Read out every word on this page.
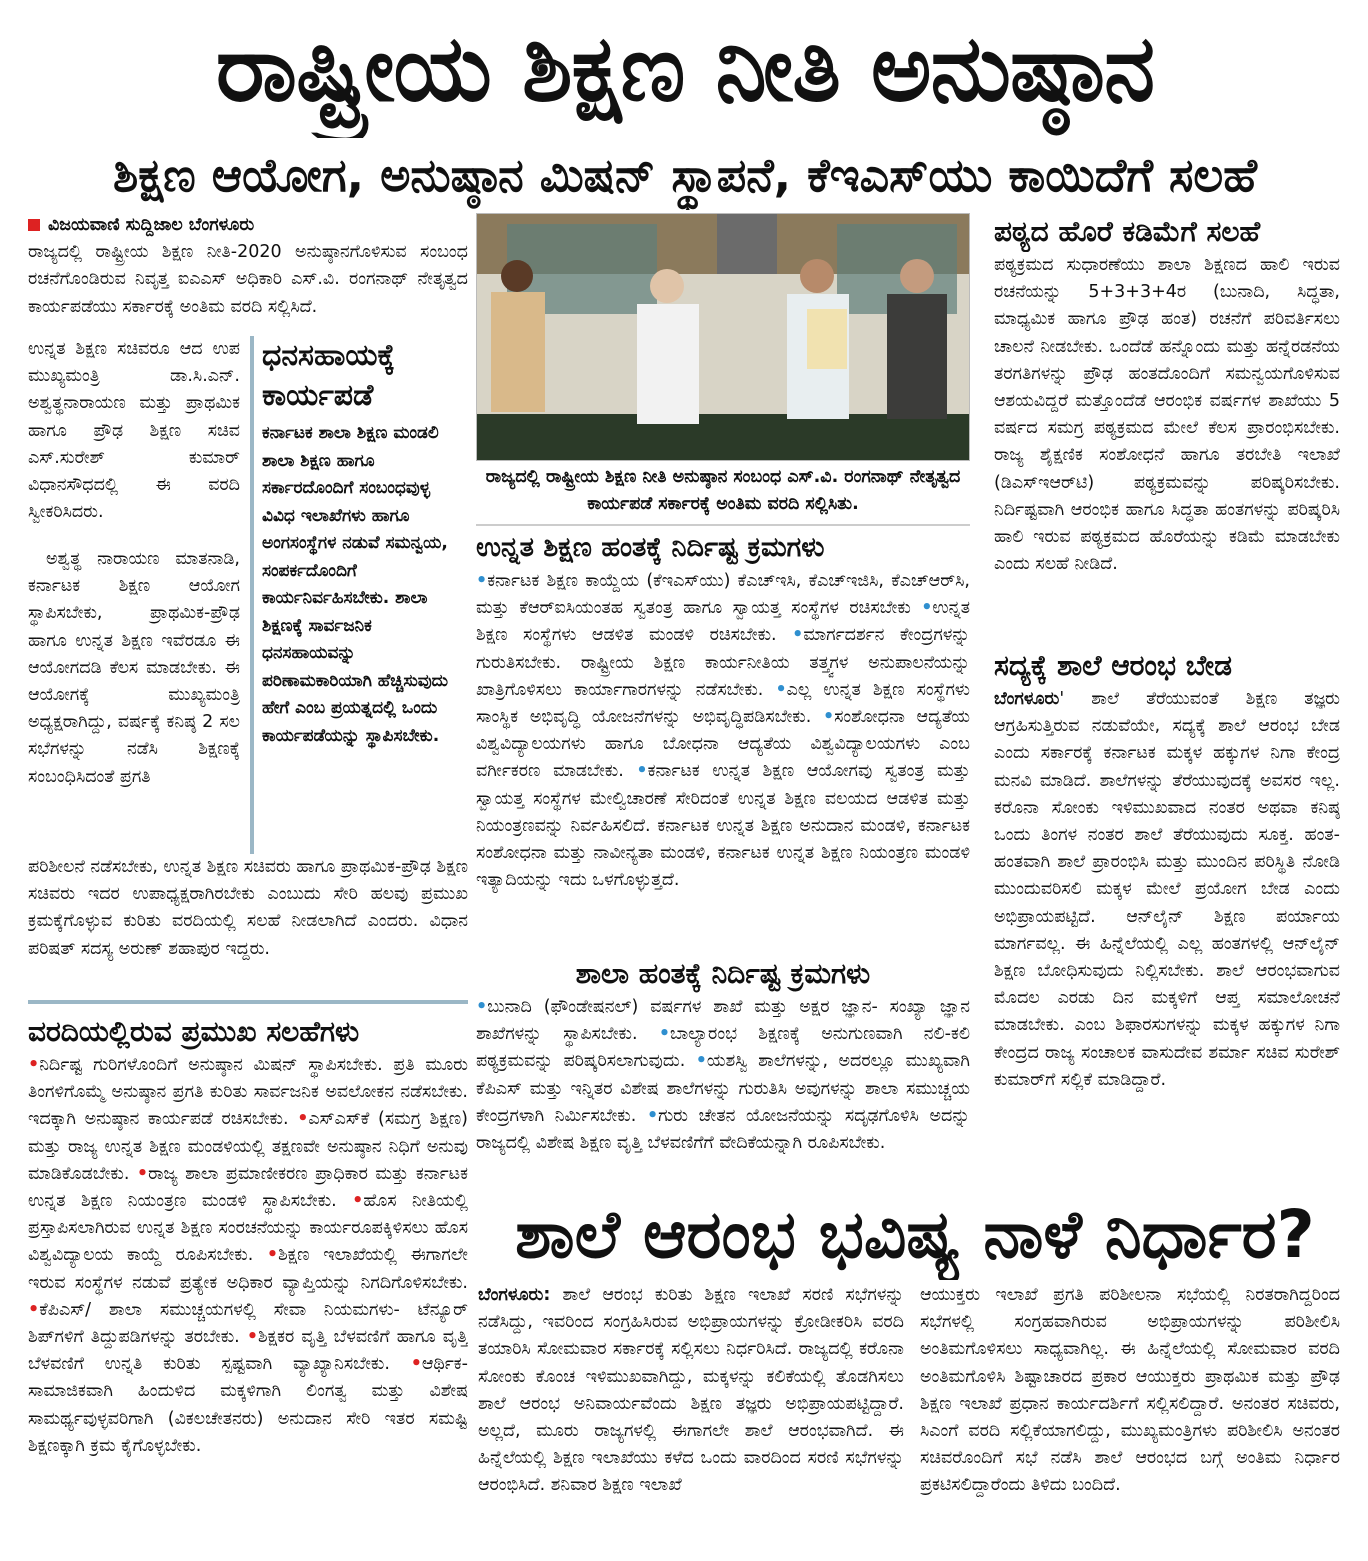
ರಾಷ್ಟ್ರೀಯ ಶಿಕ್ಷಣ ನೀತಿ ಅನುಷ್ಠಾನ
ಶಿಕ್ಷಣ ಆಯೋಗ, ಅನುಷ್ಠಾನ ಮಿಷನ್ ಸ್ಥಾಪನೆ, ಕೆಇಎಸ್‌ಯು ಕಾಯಿದೆಗೆ ಸಲಹೆ
ವಿಜಯವಾಣಿ ಸುದ್ದಿಜಾಲ ಬೆಂಗಳೂರು
ರಾಜ್ಯದಲ್ಲಿ ರಾಷ್ಟ್ರೀಯ ಶಿಕ್ಷಣ ನೀತಿ-2020 ಅನುಷ್ಠಾನಗೊಳಿಸುವ ಸಂಬಂಧ ರಚನೆಗೊಂಡಿರುವ ನಿವೃತ್ತ ಐಎಎಸ್ ಅಧಿಕಾರಿ ಎಸ್.ವಿ. ರಂಗನಾಥ್ ನೇತೃತ್ವದ ಕಾರ್ಯಪಡೆಯು ಸರ್ಕಾರಕ್ಕೆ ಅಂತಿಮ ವರದಿ ಸಲ್ಲಿಸಿದೆ.
ಉನ್ನತ ಶಿಕ್ಷಣ ಸಚಿವರೂ ಆದ ಉಪ ಮುಖ್ಯಮಂತ್ರಿ ಡಾ.ಸಿ.ಎನ್. ಅಶ್ವತ್ಥನಾರಾಯಣ ಮತ್ತು ಪ್ರಾಥಮಿಕ ಹಾಗೂ ಪ್ರೌಢ ಶಿಕ್ಷಣ ಸಚಿವ ಎಸ್.ಸುರೇಶ್ ಕುಮಾರ್ ವಿಧಾನಸೌಧದಲ್ಲಿ ಈ ವರದಿ ಸ್ವೀಕರಿಸಿದರು.
ಅಶ್ವತ್ಥ ನಾರಾಯಣ ಮಾತನಾಡಿ, ಕರ್ನಾಟಕ ಶಿಕ್ಷಣ ಆಯೋಗ ಸ್ಥಾಪಿಸಬೇಕು, ಪ್ರಾಥಮಿಕ-ಪ್ರೌಢ ಹಾಗೂ ಉನ್ನತ ಶಿಕ್ಷಣ ಇವೆರಡೂ ಈ ಆಯೋಗದಡಿ ಕೆಲಸ ಮಾಡಬೇಕು. ಈ ಆಯೋಗಕ್ಕೆ ಮುಖ್ಯಮಂತ್ರಿ ಅಧ್ಯಕ್ಷರಾಗಿದ್ದು, ವರ್ಷಕ್ಕೆ ಕನಿಷ್ಠ 2 ಸಲ ಸಭೆಗಳನ್ನು ನಡೆಸಿ ಶಿಕ್ಷಣಕ್ಕೆ ಸಂಬಂಧಿಸಿದಂತೆ ಪ್ರಗತಿ
ಧನಸಹಾಯಕ್ಕೆ ಕಾರ್ಯಪಡೆ
ಕರ್ನಾಟಕ ಶಾಲಾ ಶಿಕ್ಷಣ ಮಂಡಲಿ ಶಾಲಾ ಶಿಕ್ಷಣ ಹಾಗೂ ಸರ್ಕಾರದೊಂದಿಗೆ ಸಂಬಂಧವುಳ್ಳ ವಿವಿಧ ಇಲಾಖೆಗಳು ಹಾಗೂ ಅಂಗಸಂಸ್ಥೆಗಳ ನಡುವೆ ಸಮನ್ವಯ, ಸಂಪರ್ಕದೊಂದಿಗೆ ಕಾರ್ಯನಿರ್ವಹಿಸಬೇಕು. ಶಾಲಾ ಶಿಕ್ಷಣಕ್ಕೆ ಸಾರ್ವಜನಿಕ ಧನಸಹಾಯವನ್ನು ಪರಿಣಾಮಕಾರಿಯಾಗಿ ಹೆಚ್ಚಿಸುವುದು ಹೇಗೆ ಎಂಬ ಪ್ರಯತ್ನದಲ್ಲಿ ಒಂದು ಕಾರ್ಯಪಡೆಯನ್ನು ಸ್ಥಾಪಿಸಬೇಕು.
ಪರಿಶೀಲನೆ ನಡೆಸಬೇಕು, ಉನ್ನತ ಶಿಕ್ಷಣ ಸಚಿವರು ಹಾಗೂ ಪ್ರಾಥಮಿಕ-ಪ್ರೌಢ ಶಿಕ್ಷಣ ಸಚಿವರು ಇದರ ಉಪಾಧ್ಯಕ್ಷರಾಗಿರಬೇಕು ಎಂಬುದು ಸೇರಿ ಹಲವು ಪ್ರಮುಖ ಕ್ರಮಕ್ಕೆಗೊಳ್ಳುವ ಕುರಿತು ವರದಿಯಲ್ಲಿ ಸಲಹೆ ನೀಡಲಾಗಿದೆ ಎಂದರು. ವಿಧಾನ ಪರಿಷತ್ ಸದಸ್ಯ ಅರುಣ್ ಶಹಾಪುರ ಇದ್ದರು.
ವರದಿಯಲ್ಲಿರುವ ಪ್ರಮುಖ ಸಲಹೆಗಳು
•ನಿರ್ದಿಷ್ಟ ಗುರಿಗಳೊಂದಿಗೆ ಅನುಷ್ಠಾನ ಮಿಷನ್ ಸ್ಥಾಪಿಸಬೇಕು. ಪ್ರತಿ ಮೂರು ತಿಂಗಳಿಗೊಮ್ಮೆ ಅನುಷ್ಠಾನ ಪ್ರಗತಿ ಕುರಿತು ಸಾರ್ವಜನಿಕ ಅವಲೋಕನ ನಡೆಸಬೇಕು. ಇದಕ್ಕಾಗಿ ಅನುಷ್ಠಾನ ಕಾರ್ಯಪಡೆ ರಚಿಸಬೇಕು. •ಎಸ್‌ಎಸ್‌ಕೆ (ಸಮಗ್ರ ಶಿಕ್ಷಣ) ಮತ್ತು ರಾಜ್ಯ ಉನ್ನತ ಶಿಕ್ಷಣ ಮಂಡಳಿಯಲ್ಲಿ ತಕ್ಷಣವೇ ಅನುಷ್ಠಾನ ನಿಧಿಗೆ ಅನುವು ಮಾಡಿಕೊಡಬೇಕು. •ರಾಜ್ಯ ಶಾಲಾ ಪ್ರಮಾಣೀಕರಣ ಪ್ರಾಧಿಕಾರ ಮತ್ತು ಕರ್ನಾಟಕ ಉನ್ನತ ಶಿಕ್ಷಣ ನಿಯಂತ್ರಣ ಮಂಡಳಿ ಸ್ಥಾಪಿಸಬೇಕು. •ಹೊಸ ನೀತಿಯಲ್ಲಿ ಪ್ರಸ್ತಾಪಿಸಲಾಗಿರುವ ಉನ್ನತ ಶಿಕ್ಷಣ ಸಂರಚನೆಯನ್ನು ಕಾರ್ಯರೂಪಕ್ಕಿಳಿಸಲು ಹೊಸ ವಿಶ್ವವಿದ್ಯಾಲಯ ಕಾಯ್ದೆ ರೂಪಿಸಬೇಕು. •ಶಿಕ್ಷಣ ಇಲಾಖೆಯಲ್ಲಿ ಈಗಾಗಲೇ ಇರುವ ಸಂಸ್ಥೆಗಳ ನಡುವೆ ಪ್ರತ್ಯೇಕ ಅಧಿಕಾರ ವ್ಯಾಪ್ತಿಯನ್ನು ನಿಗದಿಗೊಳಿಸಬೇಕು. •ಕೆಪಿಎಸ್/ ಶಾಲಾ ಸಮುಚ್ಚಯಗಳಲ್ಲಿ ಸೇವಾ ನಿಯಮಗಳು- ಟೆನ್ಯೂರ್ ಶಿಪ್‌ಗಳಿಗೆ ತಿದ್ದುಪಡಿಗಳನ್ನು ತರಬೇಕು. •ಶಿಕ್ಷಕರ ವೃತ್ತಿ ಬೆಳವಣಿಗೆ ಹಾಗೂ ವೃತ್ತಿ ಬೆಳವಣಿಗೆ ಉನ್ನತಿ ಕುರಿತು ಸ್ಪಷ್ಟವಾಗಿ ವ್ಯಾಖ್ಯಾನಿಸಬೇಕು. •ಆರ್ಥಿಕ- ಸಾಮಾಜಿಕವಾಗಿ ಹಿಂದುಳಿದ ಮಕ್ಕಳಿಗಾಗಿ ಲಿಂಗತ್ವ ಮತ್ತು ವಿಶೇಷ ಸಾಮರ್ಥ್ಯವುಳ್ಳವರಿಗಾಗಿ (ವಿಕಲಚೇತನರು) ಅನುದಾನ ಸೇರಿ ಇತರ ಸಮಷ್ಟಿ ಶಿಕ್ಷಣಕ್ಕಾಗಿ ಕ್ರಮ ಕೈಗೊಳ್ಳಬೇಕು.
ರಾಜ್ಯದಲ್ಲಿ ರಾಷ್ಟ್ರೀಯ ಶಿಕ್ಷಣ ನೀತಿ ಅನುಷ್ಠಾನ ಸಂಬಂಧ ಎಸ್.ವಿ. ರಂಗನಾಥ್ ನೇತೃತ್ವದ ಕಾರ್ಯಪಡೆ ಸರ್ಕಾರಕ್ಕೆ ಅಂತಿಮ ವರದಿ ಸಲ್ಲಿಸಿತು.
ಉನ್ನತ ಶಿಕ್ಷಣ ಹಂತಕ್ಕೆ ನಿರ್ದಿಷ್ಟ ಕ್ರಮಗಳು
•ಕರ್ನಾಟಕ ಶಿಕ್ಷಣ ಕಾಯ್ದೆಯ (ಕೆಇಎಸ್‌ಯು) ಕೆಎಚ್‌ಇಸಿ, ಕೆಎಚ್‌ಇಜಿಸಿ, ಕೆಎಚ್‌ಆರ್‌ಸಿ, ಮತ್ತು ಕೆಆರ್‌ಐಸಿಯಂತಹ ಸ್ವತಂತ್ರ ಹಾಗೂ ಸ್ವಾಯತ್ತ ಸಂಸ್ಥೆಗಳ ರಚಿಸಬೇಕು •ಉನ್ನತ ಶಿಕ್ಷಣ ಸಂಸ್ಥೆಗಳು ಆಡಳಿತ ಮಂಡಳಿ ರಚಿಸಬೇಕು. •ಮಾರ್ಗದರ್ಶನ ಕೇಂದ್ರಗಳನ್ನು ಗುರುತಿಸಬೇಕು. ರಾಷ್ಟ್ರೀಯ ಶಿಕ್ಷಣ ಕಾರ್ಯನೀತಿಯ ತತ್ತ್ವಗಳ ಅನುಪಾಲನೆಯನ್ನು ಖಾತ್ರಿಗೊಳಿಸಲು ಕಾರ್ಯಾಗಾರಗಳನ್ನು ನಡೆಸಬೇಕು. •ಎಲ್ಲ ಉನ್ನತ ಶಿಕ್ಷಣ ಸಂಸ್ಥೆಗಳು ಸಾಂಸ್ಥಿಕ ಅಭಿವೃದ್ಧಿ ಯೋಜನೆಗಳನ್ನು ಅಭಿವೃದ್ಧಿಪಡಿಸಬೇಕು. •ಸಂಶೋಧನಾ ಆದ್ಯತೆಯ ವಿಶ್ವವಿದ್ಯಾಲಯಗಳು ಹಾಗೂ ಬೋಧನಾ ಆದ್ಯತೆಯ ವಿಶ್ವವಿದ್ಯಾಲಯಗಳು ಎಂಬ ವರ್ಗೀಕರಣ ಮಾಡಬೇಕು. •ಕರ್ನಾಟಕ ಉನ್ನತ ಶಿಕ್ಷಣ ಆಯೋಗವು ಸ್ವತಂತ್ರ ಮತ್ತು ಸ್ವಾಯತ್ತ ಸಂಸ್ಥೆಗಳ ಮೇಲ್ವಿಚಾರಣೆ ಸೇರಿದಂತೆ ಉನ್ನತ ಶಿಕ್ಷಣ ವಲಯದ ಆಡಳಿತ ಮತ್ತು ನಿಯಂತ್ರಣವನ್ನು ನಿರ್ವಹಿಸಲಿದೆ. ಕರ್ನಾಟಕ ಉನ್ನತ ಶಿಕ್ಷಣ ಅನುದಾನ ಮಂಡಳಿ, ಕರ್ನಾಟಕ ಸಂಶೋಧನಾ ಮತ್ತು ನಾವೀನ್ಯತಾ ಮಂಡಳಿ, ಕರ್ನಾಟಕ ಉನ್ನತ ಶಿಕ್ಷಣ ನಿಯಂತ್ರಣ ಮಂಡಳಿ ಇತ್ಯಾದಿಯನ್ನು ಇದು ಒಳಗೊಳ್ಳುತ್ತದೆ.
ಶಾಲಾ ಹಂತಕ್ಕೆ ನಿರ್ದಿಷ್ಟ ಕ್ರಮಗಳು
•ಬುನಾದಿ (ಫೌಂಡೇಷನಲ್) ವರ್ಷಗಳ ಶಾಖೆ ಮತ್ತು ಅಕ್ಷರ ಜ್ಞಾನ- ಸಂಖ್ಯಾ ಜ್ಞಾನ ಶಾಖೆಗಳನ್ನು ಸ್ಥಾಪಿಸಬೇಕು. •ಬಾಲ್ಯಾರಂಭ ಶಿಕ್ಷಣಕ್ಕೆ ಅನುಗುಣವಾಗಿ ನಲಿ-ಕಲಿ ಪಠ್ಯಕ್ರಮವನ್ನು ಪರಿಷ್ಕರಿಸಲಾಗುವುದು. •ಯಶಸ್ವಿ ಶಾಲೆಗಳನ್ನು, ಅದರಲ್ಲೂ ಮುಖ್ಯವಾಗಿ ಕೆಪಿಎಸ್ ಮತ್ತು ಇನ್ನಿತರ ವಿಶೇಷ ಶಾಲೆಗಳನ್ನು ಗುರುತಿಸಿ ಅವುಗಳನ್ನು ಶಾಲಾ ಸಮುಚ್ಚಯ ಕೇಂದ್ರಗಳಾಗಿ ನಿರ್ಮಿಸಬೇಕು. •ಗುರು ಚೇತನ ಯೋಜನೆಯನ್ನು ಸದೃಢಗೊಳಿಸಿ ಅದನ್ನು ರಾಜ್ಯದಲ್ಲಿ ವಿಶೇಷ ಶಿಕ್ಷಣ ವೃತ್ತಿ ಬೆಳವಣಿಗೆಗೆ ವೇದಿಕೆಯನ್ನಾಗಿ ರೂಪಿಸಬೇಕು.
ಪಠ್ಯದ ಹೊರೆ ಕಡಿಮೆಗೆ ಸಲಹೆ
ಪಠ್ಯಕ್ರಮದ ಸುಧಾರಣೆಯು ಶಾಲಾ ಶಿಕ್ಷಣದ ಹಾಲಿ ಇರುವ ರಚನೆಯನ್ನು 5+3+3+4ರ (ಬುನಾದಿ, ಸಿದ್ಧತಾ, ಮಾಧ್ಯಮಿಕ ಹಾಗೂ ಪ್ರೌಢ ಹಂತ) ರಚನೆಗೆ ಪರಿವರ್ತಿಸಲು ಚಾಲನೆ ನೀಡಬೇಕು. ಒಂದೆಡೆ ಹನ್ನೊಂದು ಮತ್ತು ಹನ್ನೆರಡನೆಯ ತರಗತಿಗಳನ್ನು ಪ್ರೌಢ ಹಂತದೊಂದಿಗೆ ಸಮನ್ವಯಗೊಳಿಸುವ ಆಶಯವಿದ್ದರೆ ಮತ್ತೊಂದೆಡೆ ಆರಂಭಿಕ ವರ್ಷಗಳ ಶಾಖೆಯು 5 ವರ್ಷದ ಸಮಗ್ರ ಪಠ್ಯಕ್ರಮದ ಮೇಲೆ ಕೆಲಸ ಪ್ರಾರಂಭಿಸಬೇಕು. ರಾಜ್ಯ ಶೈಕ್ಷಣಿಕ ಸಂಶೋಧನೆ ಹಾಗೂ ತರಬೇತಿ ಇಲಾಖೆ (ಡಿಎಸ್‌ಇಆರ್‌ಟಿ) ಪಠ್ಯಕ್ರಮವನ್ನು ಪರಿಷ್ಕರಿಸಬೇಕು. ನಿರ್ದಿಷ್ಟವಾಗಿ ಆರಂಭಿಕ ಹಾಗೂ ಸಿದ್ಧತಾ ಹಂತಗಳನ್ನು ಪರಿಷ್ಕರಿಸಿ ಹಾಲಿ ಇರುವ ಪಠ್ಯಕ್ರಮದ ಹೊರೆಯನ್ನು ಕಡಿಮೆ ಮಾಡಬೇಕು ಎಂದು ಸಲಹೆ ನೀಡಿದೆ.
ಸದ್ಯಕ್ಕೆ ಶಾಲೆ ಆರಂಭ ಬೇಡ
ಬೆಂಗಳೂರು' ಶಾಲೆ ತೆರೆಯುವಂತೆ ಶಿಕ್ಷಣ ತಜ್ಞರು ಆಗ್ರಹಿಸುತ್ತಿರುವ ನಡುವೆಯೇ, ಸದ್ಯಕ್ಕೆ ಶಾಲೆ ಆರಂಭ ಬೇಡ ಎಂದು ಸರ್ಕಾರಕ್ಕೆ ಕರ್ನಾಟಕ ಮಕ್ಕಳ ಹಕ್ಕುಗಳ ನಿಗಾ ಕೇಂದ್ರ ಮನವಿ ಮಾಡಿದೆ. ಶಾಲೆಗಳನ್ನು ತೆರೆಯುವುದಕ್ಕೆ ಅವಸರ ಇಲ್ಲ. ಕರೊನಾ ಸೋಂಕು ಇಳಿಮುಖವಾದ ನಂತರ ಅಥವಾ ಕನಿಷ್ಠ ಒಂದು ತಿಂಗಳ ನಂತರ ಶಾಲೆ ತೆರೆಯುವುದು ಸೂಕ್ತ. ಹಂತ-ಹಂತವಾಗಿ ಶಾಲೆ ಪ್ರಾರಂಭಿಸಿ ಮತ್ತು ಮುಂದಿನ ಪರಿಸ್ಥಿತಿ ನೋಡಿ ಮುಂದುವರಿಸಲಿ ಮಕ್ಕಳ ಮೇಲೆ ಪ್ರಯೋಗ ಬೇಡ ಎಂದು ಅಭಿಪ್ರಾಯಪಟ್ಟಿದೆ. ಆನ್‌ಲೈನ್ ಶಿಕ್ಷಣ ಪರ್ಯಾಯ ಮಾರ್ಗವಲ್ಲ. ಈ ಹಿನ್ನೆಲೆಯಲ್ಲಿ ಎಲ್ಲ ಹಂತಗಳಲ್ಲಿ ಆನ್‌ಲೈನ್ ಶಿಕ್ಷಣ ಬೋಧಿಸುವುದು ನಿಲ್ಲಿಸಬೇಕು. ಶಾಲೆ ಆರಂಭವಾಗುವ ಮೊದಲ ಎರಡು ದಿನ ಮಕ್ಕಳಿಗೆ ಆಪ್ತ ಸಮಾಲೋಚನೆ ಮಾಡಬೇಕು. ಎಂಬ ಶಿಫಾರಸುಗಳನ್ನು ಮಕ್ಕಳ ಹಕ್ಕುಗಳ ನಿಗಾ ಕೇಂದ್ರದ ರಾಜ್ಯ ಸಂಚಾಲಕ ವಾಸುದೇವ ಶರ್ಮಾ ಸಚಿವ ಸುರೇಶ್ ಕುಮಾರ್‌ಗೆ ಸಲ್ಲಿಕೆ ಮಾಡಿದ್ದಾರೆ.
ಶಾಲೆ ಆರಂಭ ಭವಿಷ್ಯ ನಾಳೆ ನಿರ್ಧಾರ?
ಬೆಂಗಳೂರು: ಶಾಲೆ ಆರಂಭ ಕುರಿತು ಶಿಕ್ಷಣ ಇಲಾಖೆ ಸರಣಿ ಸಭೆಗಳನ್ನು ನಡೆಸಿದ್ದು, ಇವರಿಂದ ಸಂಗ್ರಹಿಸಿರುವ ಅಭಿಪ್ರಾಯಗಳನ್ನು ಕ್ರೋಡೀಕರಿಸಿ ವರದಿ ತಯಾರಿಸಿ ಸೋಮವಾರ ಸರ್ಕಾರಕ್ಕೆ ಸಲ್ಲಿಸಲು ನಿರ್ಧರಿಸಿದೆ. ರಾಜ್ಯದಲ್ಲಿ ಕರೊನಾ ಸೋಂಕು ಕೊಂಚ ಇಳಿಮುಖವಾಗಿದ್ದು, ಮಕ್ಕಳನ್ನು ಕಲಿಕೆಯಲ್ಲಿ ತೊಡಗಿಸಲು ಶಾಲೆ ಆರಂಭ ಅನಿವಾರ್ಯವೆಂದು ಶಿಕ್ಷಣ ತಜ್ಞರು ಅಭಿಪ್ರಾಯಪಟ್ಟಿದ್ದಾರೆ. ಅಲ್ಲದೆ, ಮೂರು ರಾಜ್ಯಗಳಲ್ಲಿ ಈಗಾಗಲೇ ಶಾಲೆ ಆರಂಭವಾಗಿದೆ. ಈ ಹಿನ್ನೆಲೆಯಲ್ಲಿ ಶಿಕ್ಷಣ ಇಲಾಖೆಯು ಕಳೆದ ಒಂದು ವಾರದಿಂದ ಸರಣಿ ಸಭೆಗಳನ್ನು ಆರಂಭಿಸಿದೆ. ಶನಿವಾರ ಶಿಕ್ಷಣ ಇಲಾಖೆ
ಆಯುಕ್ತರು ಇಲಾಖೆ ಪ್ರಗತಿ ಪರಿಶೀಲನಾ ಸಭೆಯಲ್ಲಿ ನಿರತರಾಗಿದ್ದರಿಂದ ಸಭೆಗಳಲ್ಲಿ ಸಂಗ್ರಹವಾಗಿರುವ ಅಭಿಪ್ರಾಯಗಳನ್ನು ಪರಿಶೀಲಿಸಿ ಅಂತಿಮಗೊಳಿಸಲು ಸಾಧ್ಯವಾಗಿಲ್ಲ. ಈ ಹಿನ್ನೆಲೆಯಲ್ಲಿ ಸೋಮವಾರ ವರದಿ ಅಂತಿಮಗೊಳಿಸಿ ಶಿಷ್ಟಾಚಾರದ ಪ್ರಕಾರ ಆಯುಕ್ತರು ಪ್ರಾಥಮಿಕ ಮತ್ತು ಪ್ರೌಢ ಶಿಕ್ಷಣ ಇಲಾಖೆ ಪ್ರಧಾನ ಕಾರ್ಯದರ್ಶಿಗೆ ಸಲ್ಲಿಸಲಿದ್ದಾರೆ. ಅನಂತರ ಸಚಿವರು, ಸಿಎಂಗೆ ವರದಿ ಸಲ್ಲಿಕೆಯಾಗಲಿದ್ದು, ಮುಖ್ಯಮಂತ್ರಿಗಳು ಪರಿಶೀಲಿಸಿ ಅನಂತರ ಸಚಿವರೊಂದಿಗೆ ಸಭೆ ನಡೆಸಿ ಶಾಲೆ ಆರಂಭದ ಬಗ್ಗೆ ಅಂತಿಮ ನಿರ್ಧಾರ ಪ್ರಕಟಿಸಲಿದ್ದಾರೆಂದು ತಿಳಿದು ಬಂದಿದೆ.
